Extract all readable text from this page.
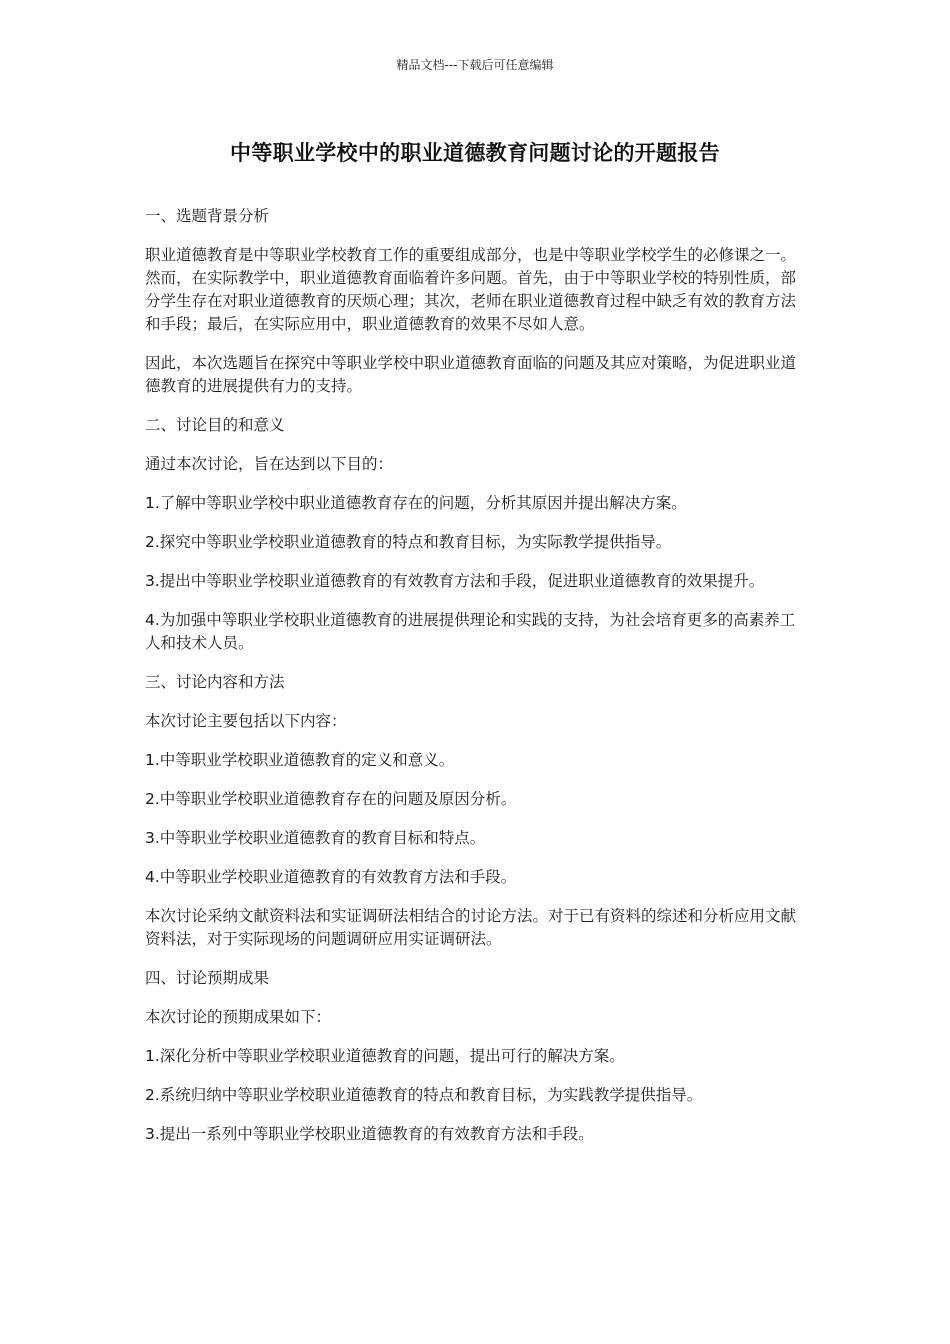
精品文档---下载后可任意编辑
中等职业学校中的职业道德教育问题讨论的开题报告

一、选题背景分析

职业道德教育是中等职业学校教育工作的重要组成部分，也是中等职业学校学生的必修课之一。然而，在实际教学中，职业道德教育面临着许多问题。首先，由于中等职业学校的特别性质，部分学生存在对职业道德教育的厌烦心理；其次，老师在职业道德教育过程中缺乏有效的教育方法和手段；最后，在实际应用中，职业道德教育的效果不尽如人意。

因此，本次选题旨在探究中等职业学校中职业道德教育面临的问题及其应对策略，为促进职业道德教育的进展提供有力的支持。

二、讨论目的和意义

通过本次讨论，旨在达到以下目的：

1.了解中等职业学校中职业道德教育存在的问题，分析其原因并提出解决方案。

2.探究中等职业学校职业道德教育的特点和教育目标，为实际教学提供指导。

3.提出中等职业学校职业道德教育的有效教育方法和手段，促进职业道德教育的效果提升。

4.为加强中等职业学校职业道德教育的进展提供理论和实践的支持，为社会培育更多的高素养工人和技术人员。

三、讨论内容和方法

本次讨论主要包括以下内容：

1.中等职业学校职业道德教育的定义和意义。

2.中等职业学校职业道德教育存在的问题及原因分析。

3.中等职业学校职业道德教育的教育目标和特点。

4.中等职业学校职业道德教育的有效教育方法和手段。

本次讨论采纳文献资料法和实证调研法相结合的讨论方法。对于已有资料的综述和分析应用文献资料法，对于实际现场的问题调研应用实证调研法。

四、讨论预期成果

本次讨论的预期成果如下：

1.深化分析中等职业学校职业道德教育的问题，提出可行的解决方案。

2.系统归纳中等职业学校职业道德教育的特点和教育目标，为实践教学提供指导。

3.提出一系列中等职业学校职业道德教育的有效教育方法和手段。
